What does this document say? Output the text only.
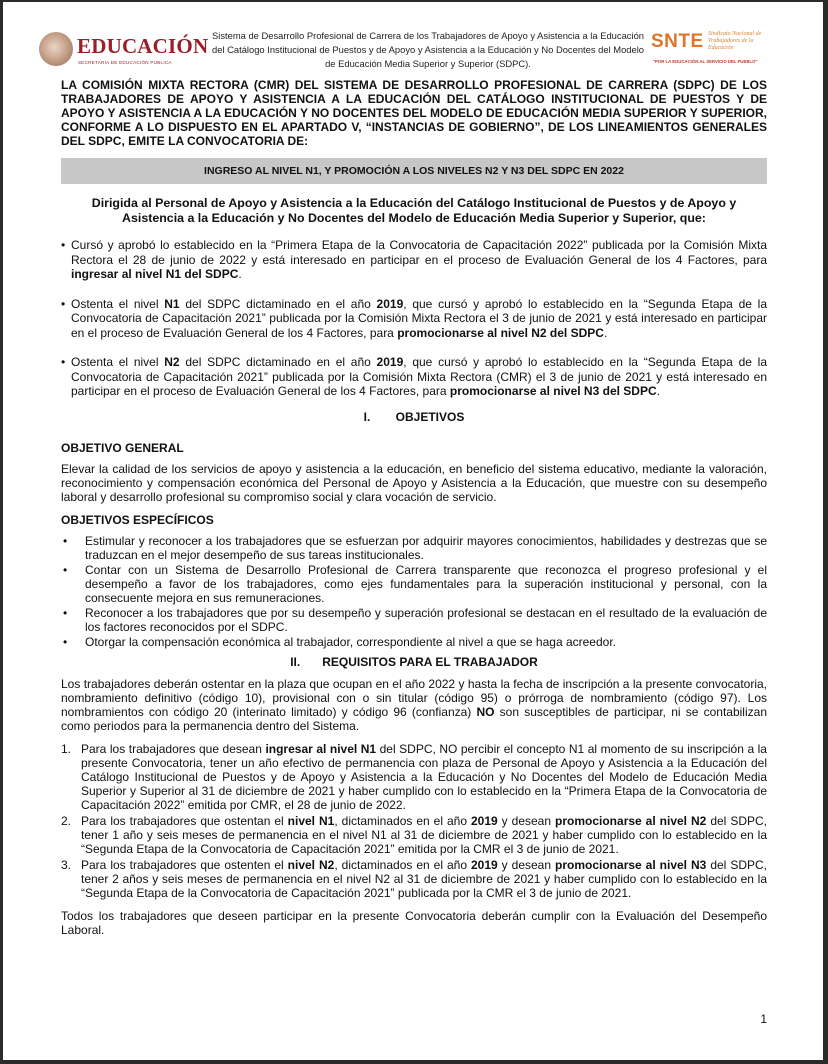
EDUCACIÓN
SECRETARÍA DE EDUCACIÓN PÚBLICA
Sistema de Desarrollo Profesional de Carrera de los Trabajadores de Apoyo y Asistencia a la Educación del Catálogo Institucional de Puestos y de Apoyo y Asistencia a la Educación y No Docentes del Modelo de Educación Media Superior y Superior (SDPC).
SNTE Sindicato Nacional de Trabajadores de la Educación
"POR LA EDUCACIÓN AL SERVICIO DEL PUEBLO"

LA COMISIÓN MIXTA RECTORA (CMR) DEL SISTEMA DE DESARROLLO PROFESIONAL DE CARRERA (SDPC) DE LOS TRABAJADORES DE APOYO Y ASISTENCIA A LA EDUCACIÓN DEL CATÁLOGO INSTITUCIONAL DE PUESTOS Y DE APOYO Y ASISTENCIA A LA EDUCACIÓN Y NO DOCENTES DEL MODELO DE EDUCACIÓN MEDIA SUPERIOR Y SUPERIOR, CONFORME A LO DISPUESTO EN EL APARTADO V, “INSTANCIAS DE GOBIERNO”, DE LOS LINEAMIENTOS GENERALES DEL SDPC, EMITE LA CONVOCATORIA DE:

INGRESO AL NIVEL N1, Y PROMOCIÓN A LOS NIVELES N2 Y N3 DEL SDPC EN 2022

Dirigida al Personal de Apoyo y Asistencia a la Educación del Catálogo Institucional de Puestos y de Apoyo y Asistencia a la Educación y No Docentes del Modelo de Educación Media Superior y Superior, que:

• Cursó y aprobó lo establecido en la “Primera Etapa de la Convocatoria de Capacitación 2022” publicada por la Comisión Mixta Rectora el 28 de junio de 2022 y está interesado en participar en el proceso de Evaluación General de los 4 Factores, para ingresar al nivel N1 del SDPC.
• Ostenta el nivel N1 del SDPC dictaminado en el año 2019, que cursó y aprobó lo establecido en la “Segunda Etapa de la Convocatoria de Capacitación 2021” publicada por la Comisión Mixta Rectora el 3 de junio de 2021 y está interesado en participar en el proceso de Evaluación General de los 4 Factores, para promocionarse al nivel N2 del SDPC.
• Ostenta el nivel N2 del SDPC dictaminado en el año 2019, que cursó y aprobó lo establecido en la “Segunda Etapa de la Convocatoria de Capacitación 2021” publicada por la Comisión Mixta Rectora (CMR) el 3 de junio de 2021 y está interesado en participar en el proceso de Evaluación General de los 4 Factores, para promocionarse al nivel N3 del SDPC.
I. OBJETIVOS
OBJETIVO GENERAL

Elevar la calidad de los servicios de apoyo y asistencia a la educación, en beneficio del sistema educativo, mediante la valoración, reconocimiento y compensación económica del Personal de Apoyo y Asistencia a la Educación, que muestre con su desempeño laboral y desarrollo profesional su compromiso social y clara vocación de servicio.

OBJETIVOS ESPECÍFICOS
• Estimular y reconocer a los trabajadores que se esfuerzan por adquirir mayores conocimientos, habilidades y destrezas que se traduzcan en el mejor desempeño de sus tareas institucionales.
• Contar con un Sistema de Desarrollo Profesional de Carrera transparente que reconozca el progreso profesional y el desempeño a favor de los trabajadores, como ejes fundamentales para la superación institucional y personal, con la consecuente mejora en sus remuneraciones.
• Reconocer a los trabajadores que por su desempeño y superación profesional se destacan en el resultado de la evaluación de los factores reconocidos por el SDPC.
• Otorgar la compensación económica al trabajador, correspondiente al nivel a que se haga acreedor.
II. REQUISITOS PARA EL TRABAJADOR

Los trabajadores deberán ostentar en la plaza que ocupan en el año 2022 y hasta la fecha de inscripción a la presente convocatoria, nombramiento definitivo (código 10), provisional con o sin titular (código 95) o prórroga de nombramiento (código 97). Los nombramientos con código 20 (interinato limitado) y código 96 (confianza) NO son susceptibles de participar, ni se contabilizan como periodos para la permanencia dentro del Sistema.

1. Para los trabajadores que desean ingresar al nivel N1 del SDPC, NO percibir el concepto N1 al momento de su inscripción a la presente Convocatoria, tener un año efectivo de permanencia con plaza de Personal de Apoyo y Asistencia a la Educación del Catálogo Institucional de Puestos y de Apoyo y Asistencia a la Educación y No Docentes del Modelo de Educación Media Superior y Superior al 31 de diciembre de 2021 y haber cumplido con lo establecido en la “Primera Etapa de la Convocatoria de Capacitación 2022” emitida por CMR, el 28 de junio de 2022.
2. Para los trabajadores que ostentan el nivel N1, dictaminados en el año 2019 y desean promocionarse al nivel N2 del SDPC, tener 1 año y seis meses de permanencia en el nivel N1 al 31 de diciembre de 2021 y haber cumplido con lo establecido en la “Segunda Etapa de la Convocatoria de Capacitación 2021” emitida por la CMR el 3 de junio de 2021.
3. Para los trabajadores que ostenten el nivel N2, dictaminados en el año 2019 y desean promocionarse al nivel N3 del SDPC, tener 2 años y seis meses de permanencia en el nivel N2 al 31 de diciembre de 2021 y haber cumplido con lo establecido en la “Segunda Etapa de la Convocatoria de Capacitación 2021” publicada por la CMR el 3 de junio de 2021.

Todos los trabajadores que deseen participar en la presente Convocatoria deberán cumplir con la Evaluación del Desempeño Laboral.

1
